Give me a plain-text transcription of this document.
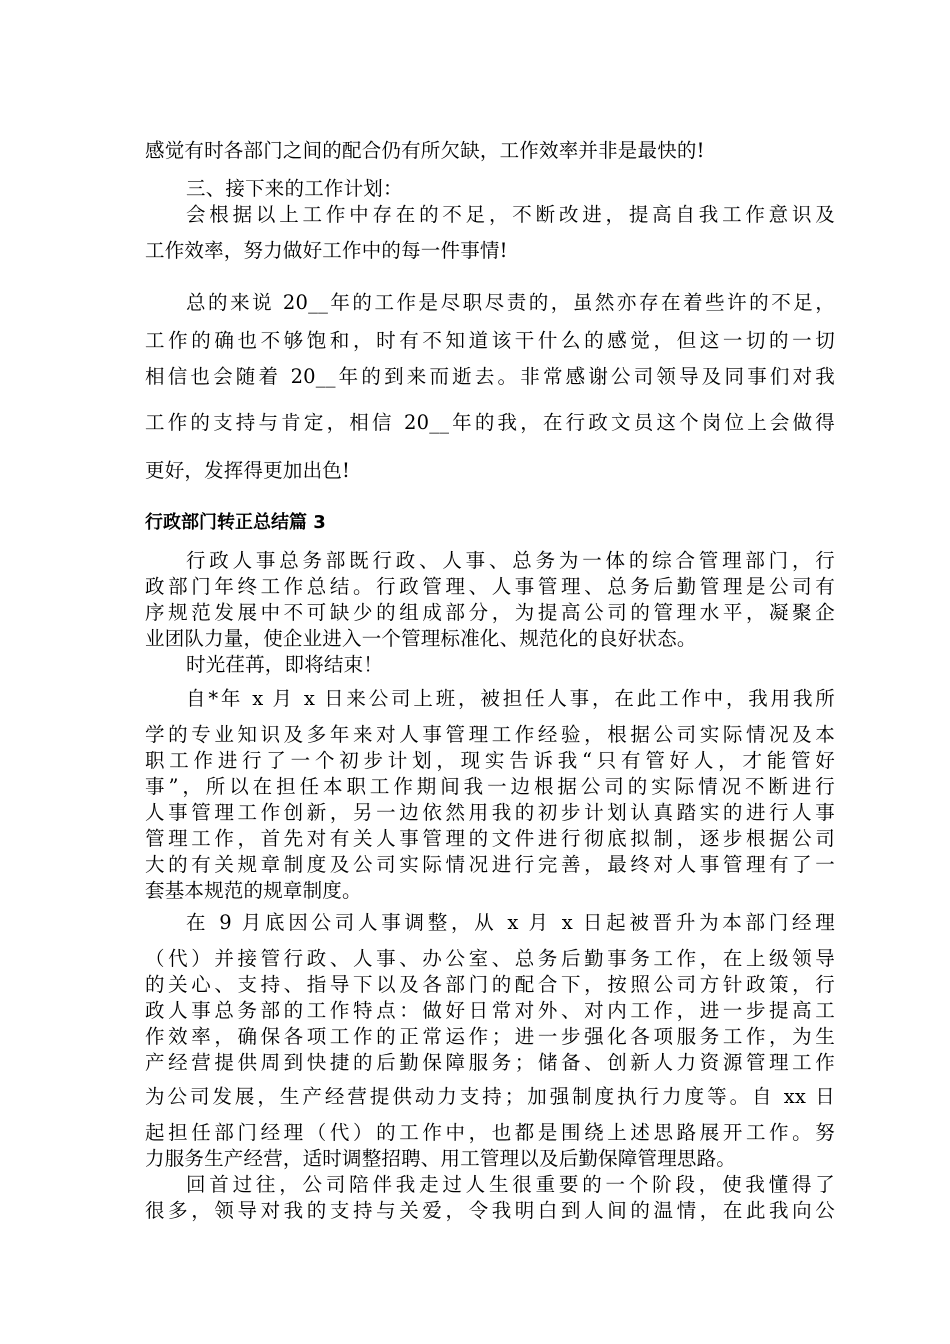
感觉有时各部门之间的配合仍有所欠缺，工作效率并非是最快的!
三、接下来的工作计划：
会根据以上工作中存在的不足，不断改进，提高自我工作意识及
工作效率，努力做好工作中的每一件事情!
总的来说 20__年的工作是尽职尽责的，虽然亦存在着些许的不足，
工作的确也不够饱和，时有不知道该干什么的感觉，但这一切的一切
相信也会随着 20__年的到来而逝去。非常感谢公司领导及同事们对我
工作的支持与肯定，相信 20__年的我，在行政文员这个岗位上会做得
更好，发挥得更加出色!
行政部门转正总结篇 3
行政人事总务部既行政、人事、总务为一体的综合管理部门，行
政部门年终工作总结。行政管理、人事管理、总务后勤管理是公司有
序规范发展中不可缺少的组成部分，为提高公司的管理水平，凝聚企
业团队力量，使企业进入一个管理标准化、规范化的良好状态。
时光荏苒，即将结束！
自*年 x 月 x 日来公司上班，被担任人事，在此工作中，我用我所
学的专业知识及多年来对人事管理工作经验，根据公司实际情况及本
职工作进行了一个初步计划，现实告诉我“只有管好人，才能管好
事”，所以在担任本职工作期间我一边根据公司的实际情况不断进行
人事管理工作创新，另一边依然用我的初步计划认真踏实的进行人事
管理工作，首先对有关人事管理的文件进行彻底拟制，逐步根据公司
大的有关规章制度及公司实际情况进行完善，最终对人事管理有了一
套基本规范的规章制度。
在 9 月底因公司人事调整，从 x 月 x 日起被晋升为本部门经理
（代）并接管行政、人事、办公室、总务后勤事务工作，在上级领导
的关心、支持、指导下以及各部门的配合下，按照公司方针政策，行
政人事总务部的工作特点：做好日常对外、对内工作，进一步提高工
作效率，确保各项工作的正常运作；进一步强化各项服务工作，为生
产经营提供周到快捷的后勤保障服务；储备、创新人力资源管理工作
为公司发展，生产经营提供动力支持；加强制度执行力度等。自 xx 日
起担任部门经理（代）的工作中，也都是围绕上述思路展开工作。努
力服务生产经营，适时调整招聘、用工管理以及后勤保障管理思路。
回首过往，公司陪伴我走过人生很重要的一个阶段，使我懂得了
很多，领导对我的支持与关爱，令我明白到人间的温情，在此我向公
